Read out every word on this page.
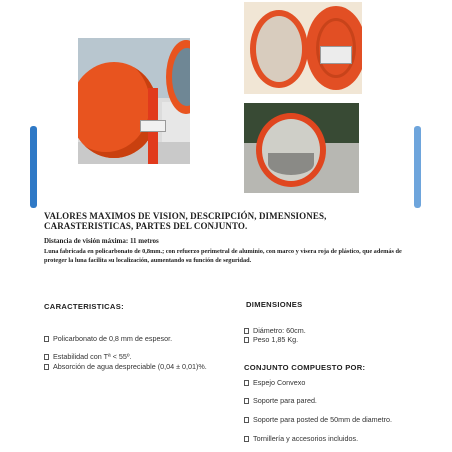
VALORES MAXIMOS DE VISION, DESCRIPCIÓN, DIMENSIONES, CARASTERISTICAS, PARTES DEL CONJUNTO.
Distancia de visión máxima: 11 metros
Luna fabricada en policarbonato de 0,8mm.; con refuerzo perimetral de aluminio, con marco y visera roja de plástico, que además de proteger la luna facilita su localización, aumentando su función de seguridad.
CARACTERISTICAS:
Policarbonato de 0,8 mm de espesor.
Estabilidad con Tª < 55º.
Absorción de agua despreciable (0,04 ± 0,01)%.
DIMENSIONES
Diámetro: 60cm.
Peso 1,85 Kg.
CONJUNTO COMPUESTO POR:
Espejo Convexo
Soporte para pared.
Soporte para posted de 50mm de diametro.
Tornillería y accesorios incluidos.
